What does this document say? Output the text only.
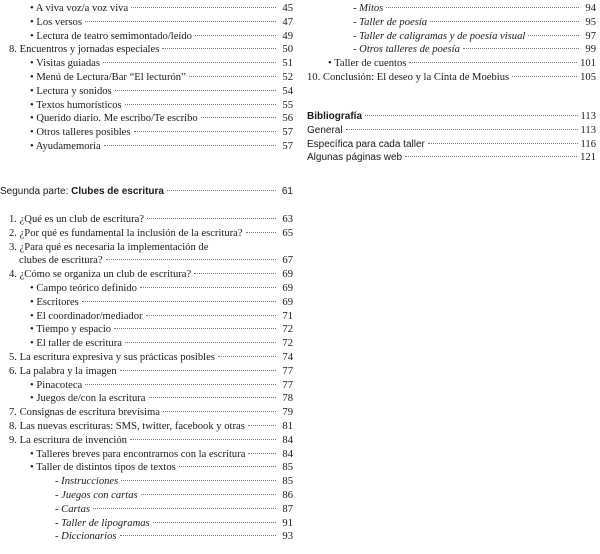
• A viva voz/a voz viva	45
• Los versos	47
• Lectura de teatro semimontado/leído	49
8. Encuentros y jornadas especiales	50
• Visitas guiadas	51
• Menú de Lectura/Bar “El lecturón”	52
• Lectura y sonidos	54
• Textos humorísticos	55
• Querido diario. Me escribo/Te escribo	56
• Otros talleres posibles	57
• Ayudamemoria	57
Segunda parte: Clubes de escritura	61
1. ¿Qué es un club de escritura?	63
2. ¿Por qué es fundamental la inclusión de la escritura?	65
3. ¿Para qué es necesaria la implementación de
clubes de escritura?	67
4. ¿Cómo se organiza un club de escritura?	69
• Campo teórico definido	69
• Escritores	69
• El coordinador/mediador	71
• Tiempo y espacio	72
• El taller de escritura	72
5. La escritura expresiva y sus prácticas posibles	74
6. La palabra y la imagen	77
• Pinacoteca	77
• Juegos de/con la escritura	78
7. Consignas de escritura brevísima	79
8. Las nuevas escrituras: SMS, twitter, facebook y otras	81
9. La escritura de invención	84
• Talleres breves para encontrarnos con la escritura	84
• Taller de distintos tipos de textos	85
- Instrucciones	85
- Juegos con cartas	86
- Cartas	87
- Taller de lipogramas	91
- Diccionarios	93
- Mitos	94
- Taller de poesía	95
- Taller de caligramas y de poesía visual	97
- Otros talleres de poesía	99
• Taller de cuentos	101
10. Conclusión: El deseo y la Cinta de Moebius	105
Bibliografía	113
General	113
Específica para cada taller	116
Algunas páginas web	121
